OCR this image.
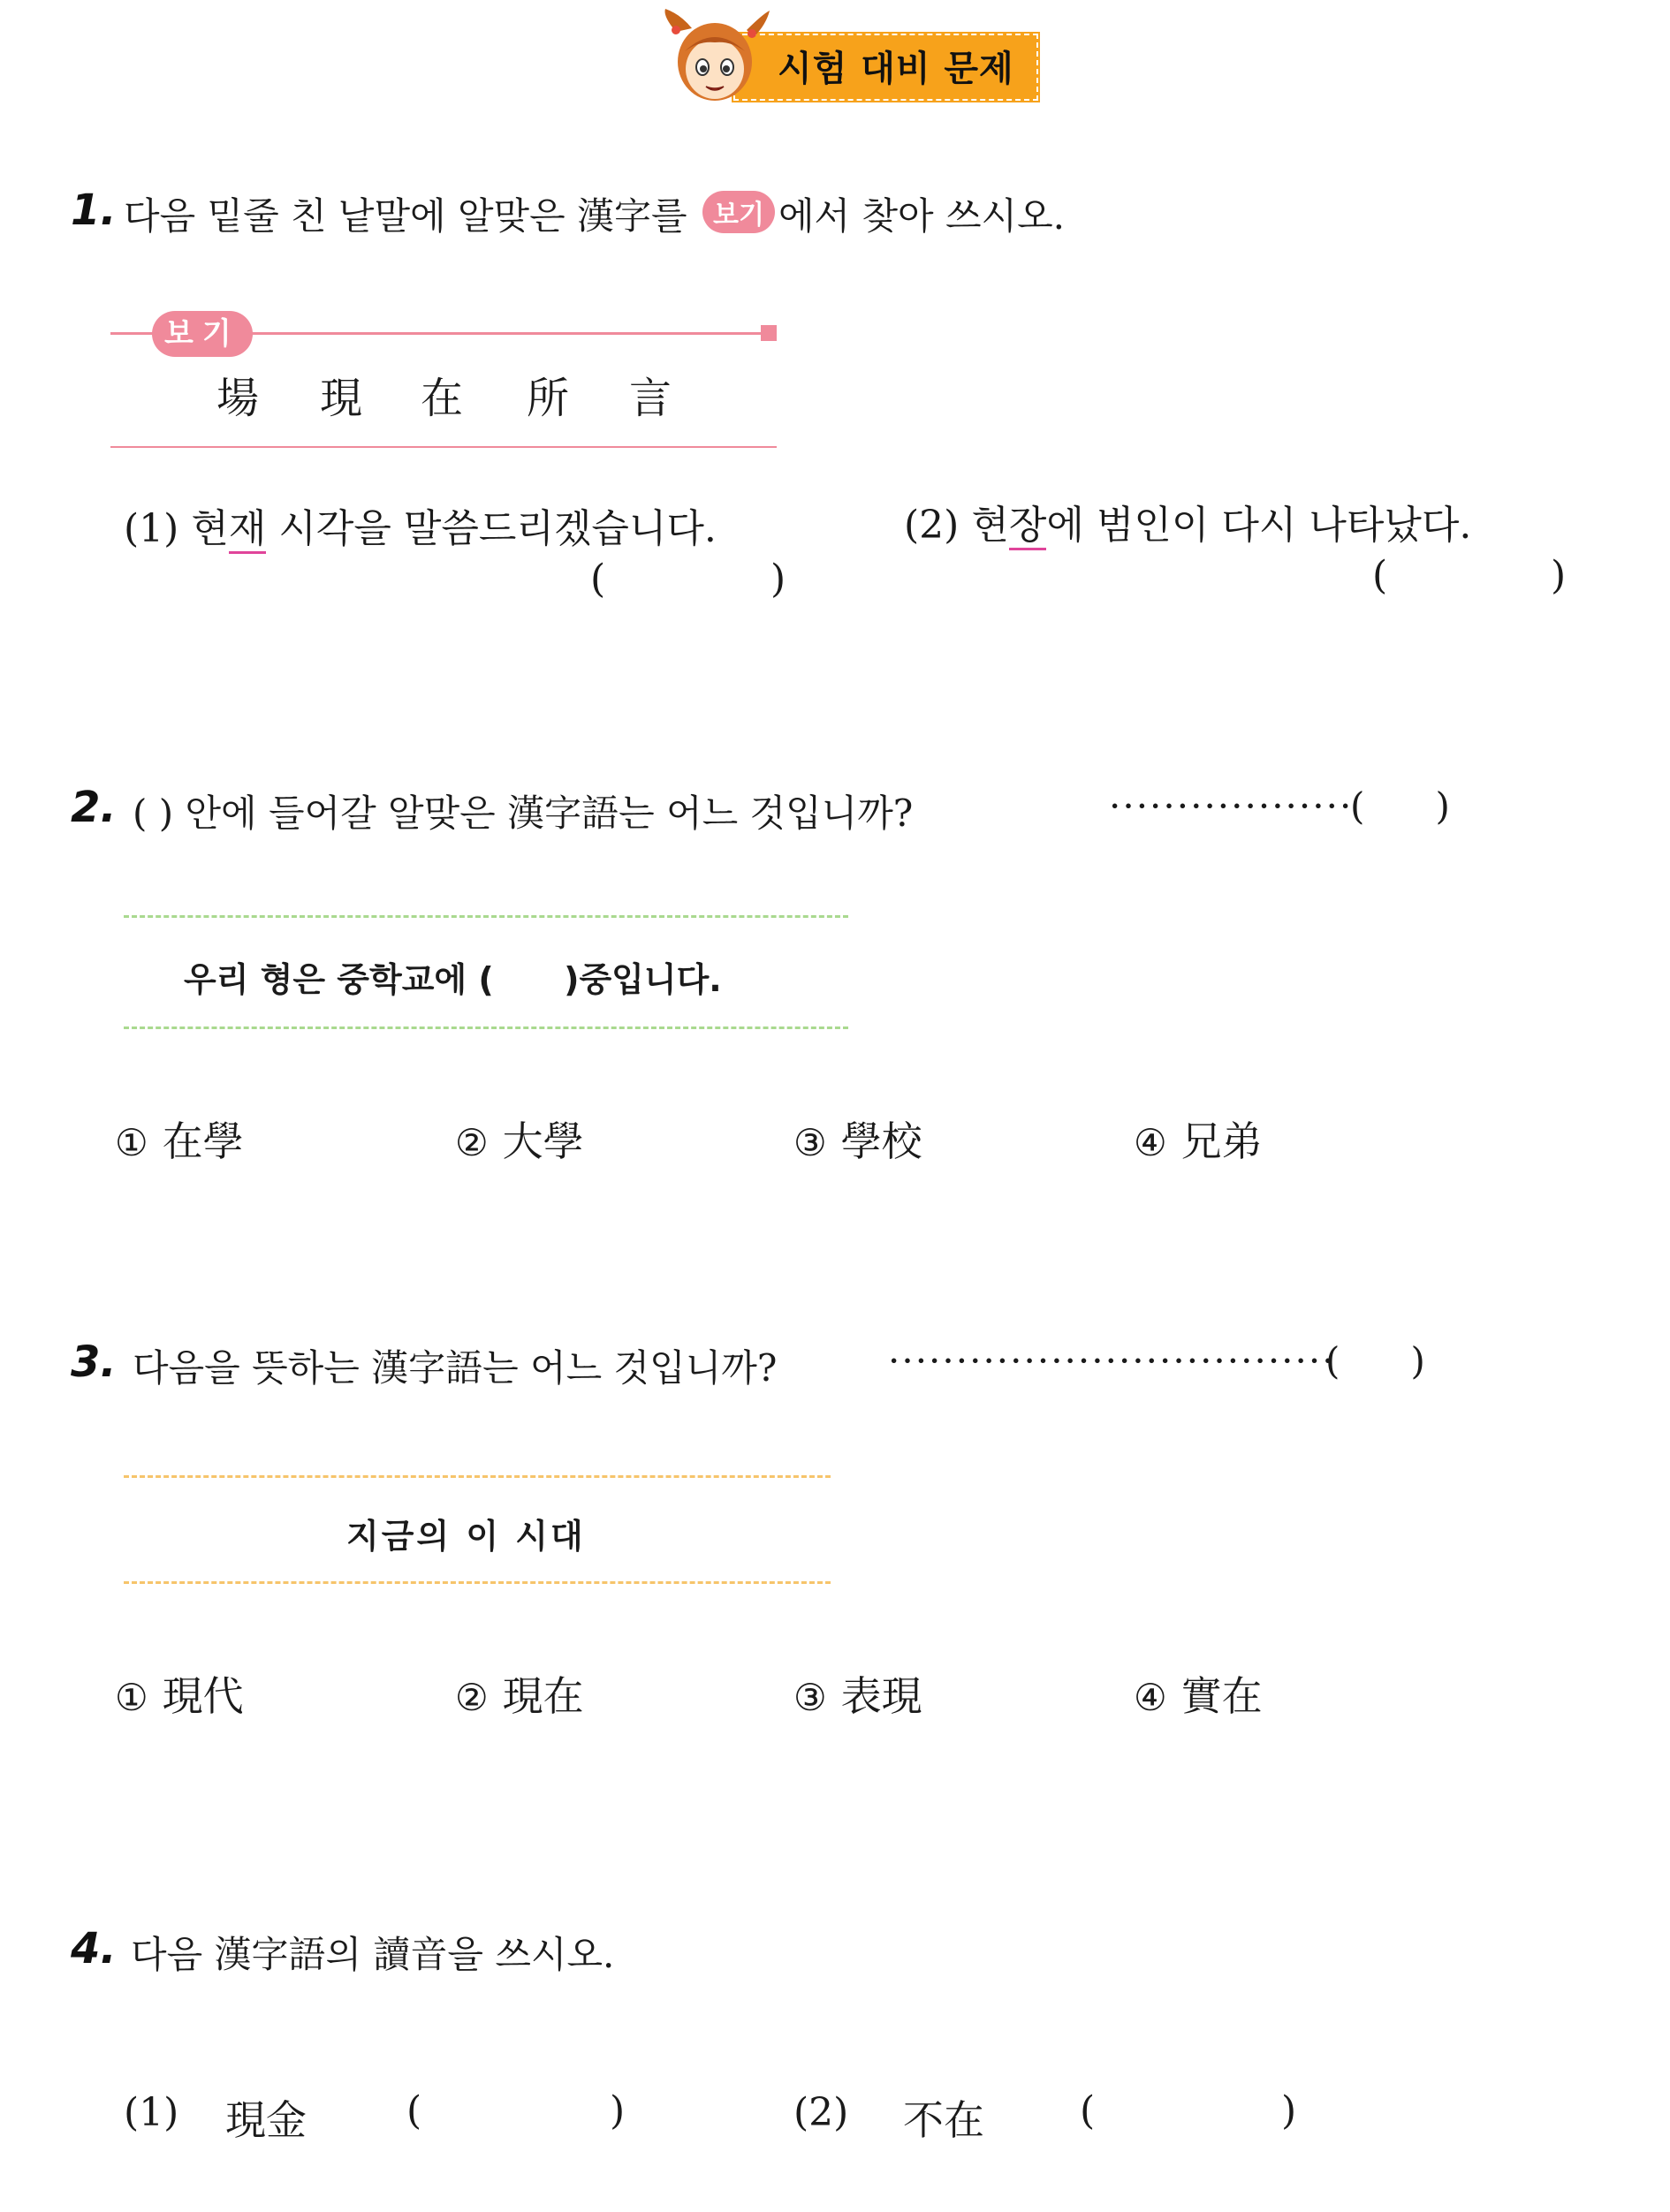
시험 대비 문제
1. 다음 밑줄 친 낱말에 알맞은 漢字를 보기 에서 찾아 쓰시오.
보기
場 現 在 所 言
(1) 현재 시각을 말씀드리겠습니다.
(	)
(2) 현장에 범인이 다시 나타났다.
(	)
2. ( ) 안에 들어갈 알맞은 漢字語는 어느 것입니까?	··················
(      )
우리 형은 중학교에 (      )중입니다.
① 在學	② 大學	③ 學校	④ 兄弟
3. 다음을 뜻하는 漢字語는 어느 것입니까?	·································
(      )
지금의 이 시대
① 現代	② 現在	③ 表現	④ 實在
4. 다음 漢字語의 讀音을 쓰시오.
(1) 現金	(	)	(2) 不在 (	)
